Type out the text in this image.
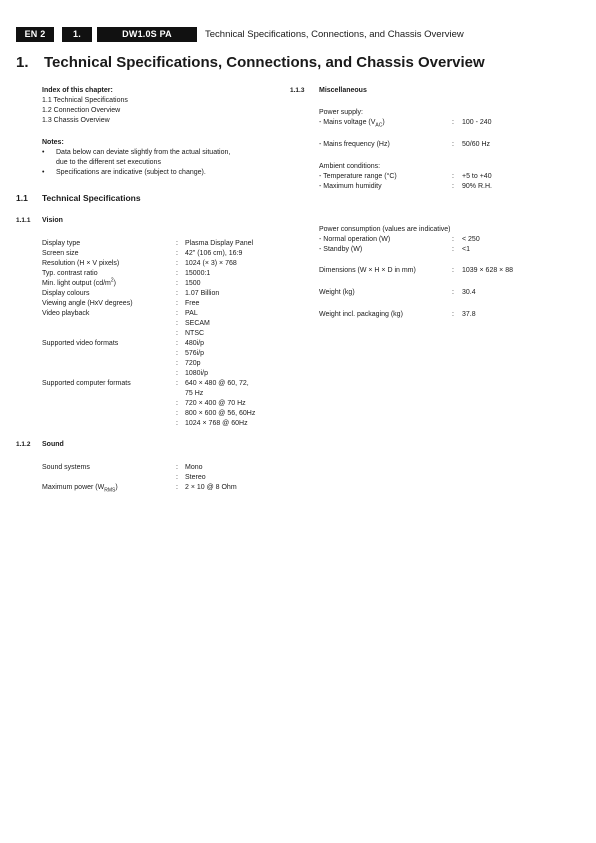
EN 2	1.	DW1.0S PA	Technical Specifications, Connections, and Chassis Overview
1. Technical Specifications, Connections, and Chassis Overview
Index of this chapter:
1.1 Technical Specifications
1.2 Connection Overview
1.3 Chassis Overview
Notes:
• Data below can deviate slightly from the actual situation,
due to the different set executions
• Specifications are indicative (subject to change).
1.1 Technical Specifications
1.1.1 Vision
Display type	: Plasma Display Panel
Screen size	: 42" (106 cm), 16:9
Resolution (H × V pixels)	: 1024 (× 3) × 768
Typ. contrast ratio	: 15000:1
Min. light output $(cd/m^2)$	: 1500
Display colours	: 1.07 Billion
Viewing angle (HxV degrees)	: Free
Video playback	: PAL
: SECAM
: NTSC
Supported video formats	: 480i/p
: 576i/p
: 720p
: 1080i/p
Supported computer formats	: 640 × 480 @ 60, 72,
75 Hz
: 720 × 400 @ 70 Hz
: 800 × 600 @ 56, 60Hz
: 1024 × 768 @ 60Hz
1.1.2 Sound
Sound systems	: Mono
: Stereo
Maximum power $(W_{RMS})$	: 2 × 10 @ 8 Ohm
1.1.3 Miscellaneous
Power supply:
- Mains voltage $(V_{AC})$	: 100 - 240
- Mains frequency (Hz)	: 50/60 Hz
Ambient conditions:
- Temperature range (°C)	: +5 to +40
- Maximum humidity	: 90% R.H.
Power consumption (values are indicative)
- Normal operation (W)	: < 250
- Standby (W)	: <1
Dimensions (W × H × D in mm)	: 1039 × 628 × 88
Weight (kg)	: 30.4
Weight incl. packaging (kg)	: 37.8
